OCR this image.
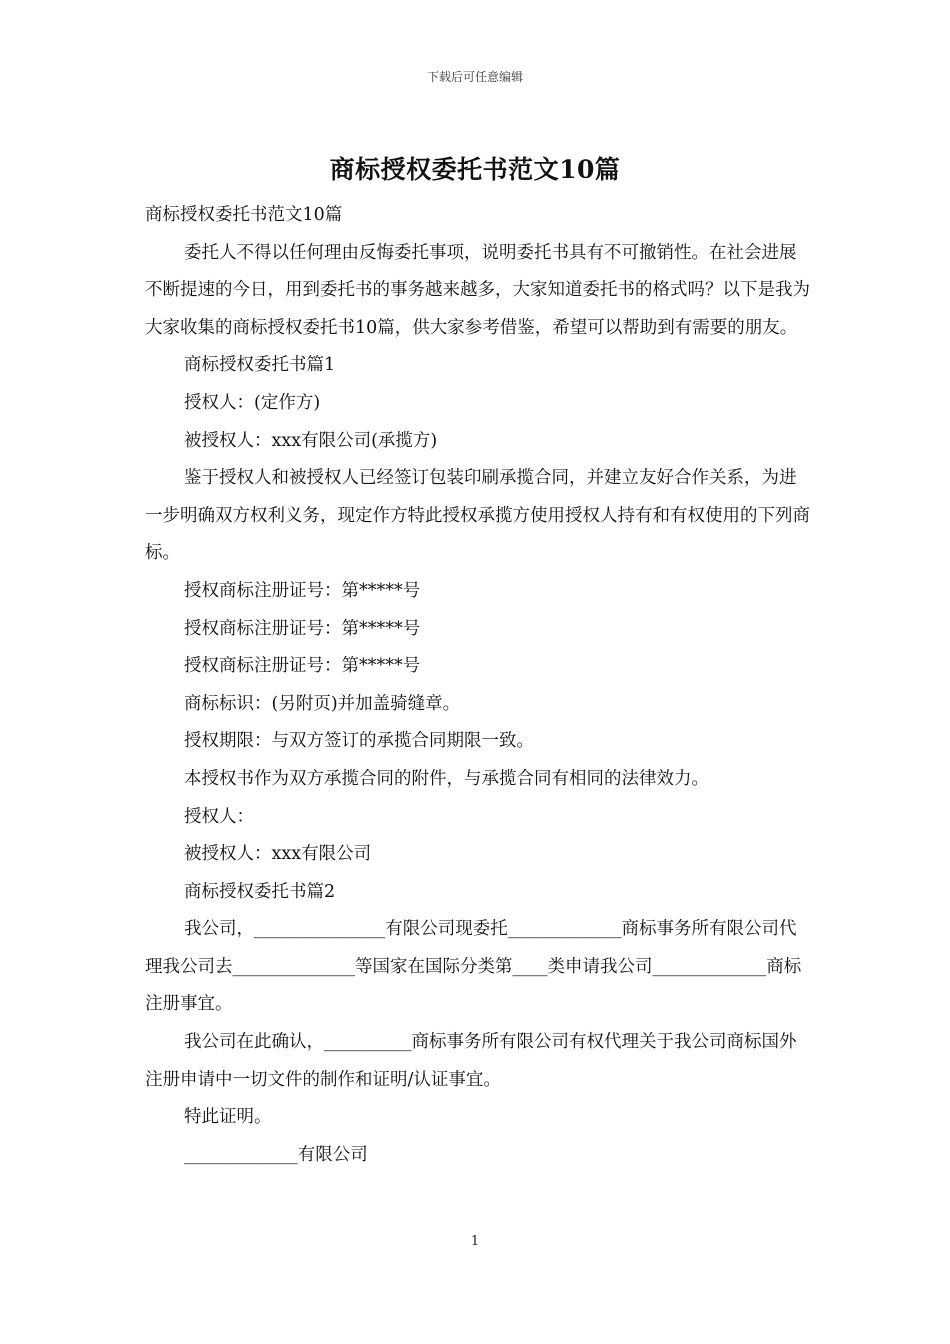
下载后可任意编辑
商标授权委托书范文10篇

商标授权委托书范文10篇

委托人不得以任何理由反悔委托事项，说明委托书具有不可撤销性。在社会进展不断提速的今日，用到委托书的事务越来越多，大家知道委托书的格式吗？以下是我为大家收集的商标授权委托书10篇，供大家参考借鉴，希望可以帮助到有需要的朋友。

商标授权委托书篇1

授权人：(定作方)

被授权人：xxx有限公司(承揽方)

鉴于授权人和被授权人已经签订包装印刷承揽合同，并建立友好合作关系，为进一步明确双方权利义务，现定作方特此授权承揽方使用授权人持有和有权使用的下列商标。

授权商标注册证号：第*****号

授权商标注册证号：第*****号

授权商标注册证号：第*****号

商标标识：(另附页)并加盖骑缝章。

授权期限：与双方签订的承揽合同期限一致。

本授权书作为双方承揽合同的附件，与承揽合同有相同的法律效力。

授权人：

被授权人：xxx有限公司

商标授权委托书篇2

我公司，_______________有限公司现委托_____________商标事务所有限公司代理我公司去______________等国家在国际分类第____类申请我公司_____________商标注册事宜。

我公司在此确认，__________商标事务所有限公司有权代理关于我公司商标国外注册申请中一切文件的制作和证明/认证事宜。

特此证明。

_____________有限公司

1
